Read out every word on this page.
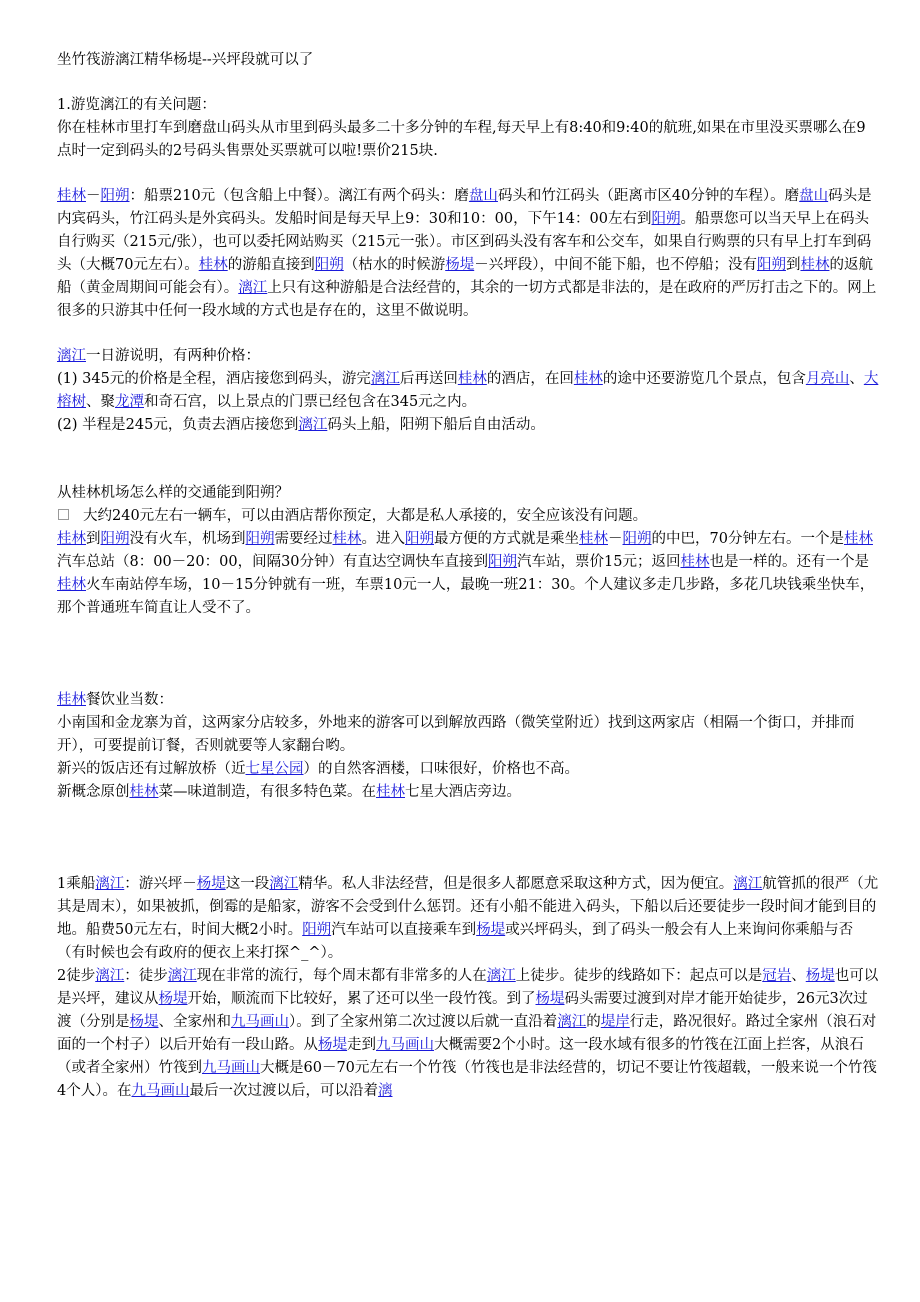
坐竹筏游漓江精华杨堤--兴坪段就可以了

1.游览漓江的有关问题：

你在桂林市里打车到磨盘山码头从市里到码头最多二十多分钟的车程,每天早上有8:40和9:40的航班,如果在市里没买票哪么在9点时一定到码头的2号码头售票处买票就可以啦!票价215块.

桂林－阳朔：船票210元（包含船上中餐）。漓江有两个码头：磨盘山码头和竹江码头（距离市区40分钟的车程）。磨盘山码头是内宾码头，竹江码头是外宾码头。发船时间是每天早上9：30和10：00，下午14：00左右到阳朔。船票您可以当天早上在码头自行购买（215元/张），也可以委托网站购买（215元一张）。市区到码头没有客车和公交车，如果自行购票的只有早上打车到码头（大概70元左右）。桂林的游船直接到阳朔（枯水的时候游杨堤－兴坪段），中间不能下船，也不停船；没有阳朔到桂林的返航船（黄金周期间可能会有）。漓江上只有这种游船是合法经营的，其余的一切方式都是非法的，是在政府的严厉打击之下的。网上很多的只游其中任何一段水域的方式也是存在的，这里不做说明。

漓江一日游说明，有两种价格：

(1) 345元的价格是全程，酒店接您到码头，游完漓江后再送回桂林的酒店，在回桂林的途中还要游览几个景点，包含月亮山、大榕树、聚龙潭和奇石宫，以上景点的门票已经包含在345元之内。

(2) 半程是245元，负责去酒店接您到漓江码头上船，阳朔下船后自由活动。

从桂林机场怎么样的交通能到阳朔？

大约240元左右一辆车，可以由酒店帮你预定，大都是私人承接的，安全应该没有问题。

桂林到阳朔没有火车，机场到阳朔需要经过桂林。进入阳朔最方便的方式就是乘坐桂林－阳朔的中巴，70分钟左右。一个是桂林汽车总站（8：00－20：00，间隔30分钟）有直达空调快车直接到阳朔汽车站，票价15元；返回桂林也是一样的。还有一个是桂林火车南站停车场，10－15分钟就有一班，车票10元一人，最晚一班21：30。个人建议多走几步路，多花几块钱乘坐快车，那个普通班车简直让人受不了。

桂林餐饮业当数：

小南国和金龙寨为首，这两家分店较多，外地来的游客可以到解放西路（微笑堂附近）找到这两家店（相隔一个街口，并排而开），可要提前订餐，否则就要等人家翻台哟。

新兴的饭店还有过解放桥（近七星公园）的自然客酒楼，口味很好，价格也不高。

新概念原创桂林菜—味道制造，有很多特色菜。在桂林七星大酒店旁边。

1乘船漓江：游兴坪－杨堤这一段漓江精华。私人非法经营，但是很多人都愿意采取这种方式，因为便宜。漓江航管抓的很严（尤其是周末），如果被抓，倒霉的是船家，游客不会受到什么惩罚。还有小船不能进入码头，下船以后还要徒步一段时间才能到目的地。船费50元左右，时间大概2小时。阳朔汽车站可以直接乘车到杨堤或兴坪码头，到了码头一般会有人上来询问你乘船与否（有时候也会有政府的便衣上来打探^_^）。

2徒步漓江：徒步漓江现在非常的流行，每个周末都有非常多的人在漓江上徒步。徒步的线路如下：起点可以是冠岩、杨堤也可以是兴坪，建议从杨堤开始，顺流而下比较好，累了还可以坐一段竹筏。到了杨堤码头需要过渡到对岸才能开始徒步，26元3次过渡（分别是杨堤、全家州和九马画山）。到了全家州第二次过渡以后就一直沿着漓江的堤岸行走，路况很好。路过全家州（浪石对面的一个村子）以后开始有一段山路。从杨堤走到九马画山大概需要2个小时。这一段水域有很多的竹筏在江面上拦客，从浪石（或者全家州）竹筏到九马画山大概是60－70元左右一个竹筏（竹筏也是非法经营的，切记不要让竹筏超载，一般来说一个竹筏4个人）。在九马画山最后一次过渡以后，可以沿着漓
